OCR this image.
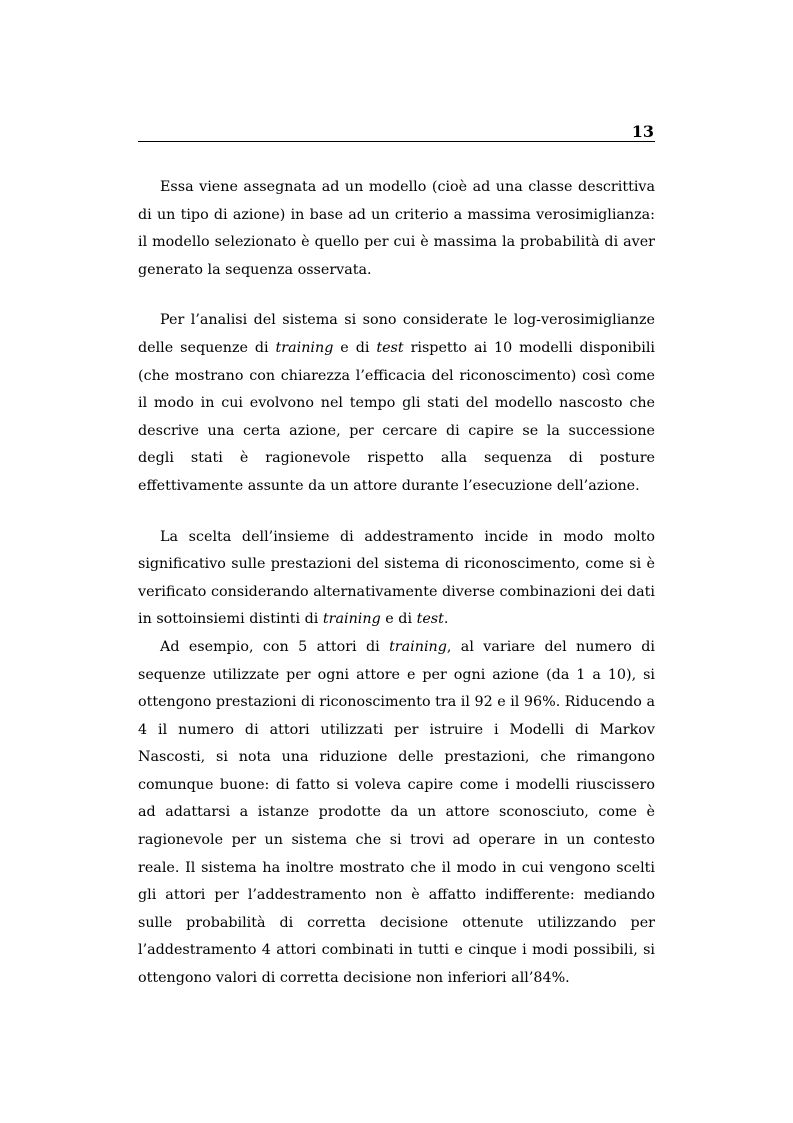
13

Essa viene assegnata ad un modello (cioè ad una classe descrittiva di un tipo di azione) in base ad un criterio a massima verosimiglianza: il modello selezionato è quello per cui è massima la probabilità di aver generato la sequenza osservata.

Per l’analisi del sistema si sono considerate le log-verosimiglianze delle sequenze di training e di test rispetto ai 10 modelli disponibili (che mostrano con chiarezza l’efficacia del riconoscimento) così come il modo in cui evolvono nel tempo gli stati del modello nascosto che descrive una certa azione, per cercare di capire se la successione degli stati è ragionevole rispetto alla sequenza di posture effettivamente assunte da un attore durante l’esecuzione dell’azione.

La scelta dell’insieme di addestramento incide in modo molto significativo sulle prestazioni del sistema di riconoscimento, come si è verificato considerando alternativamente diverse combinazioni dei dati in sottoinsiemi distinti di training e di test.

Ad esempio, con 5 attori di training, al variare del numero di sequenze utilizzate per ogni attore e per ogni azione (da 1 a 10), si ottengono prestazioni di riconoscimento tra il 92 e il 96%. Riducendo a 4 il numero di attori utilizzati per istruire i Modelli di Markov Nascosti, si nota una riduzione delle prestazioni, che rimangono comunque buone: di fatto si voleva capire come i modelli riuscissero ad adattarsi a istanze prodotte da un attore sconosciuto, come è ragionevole per un sistema che si trovi ad operare in un contesto reale. Il sistema ha inoltre mostrato che il modo in cui vengono scelti gli attori per l’addestramento non è affatto indifferente: mediando sulle probabilità di corretta decisione ottenute utilizzando per l’addestramento 4 attori combinati in tutti e cinque i modi possibili, si ottengono valori di corretta decisione non inferiori all’84%.
